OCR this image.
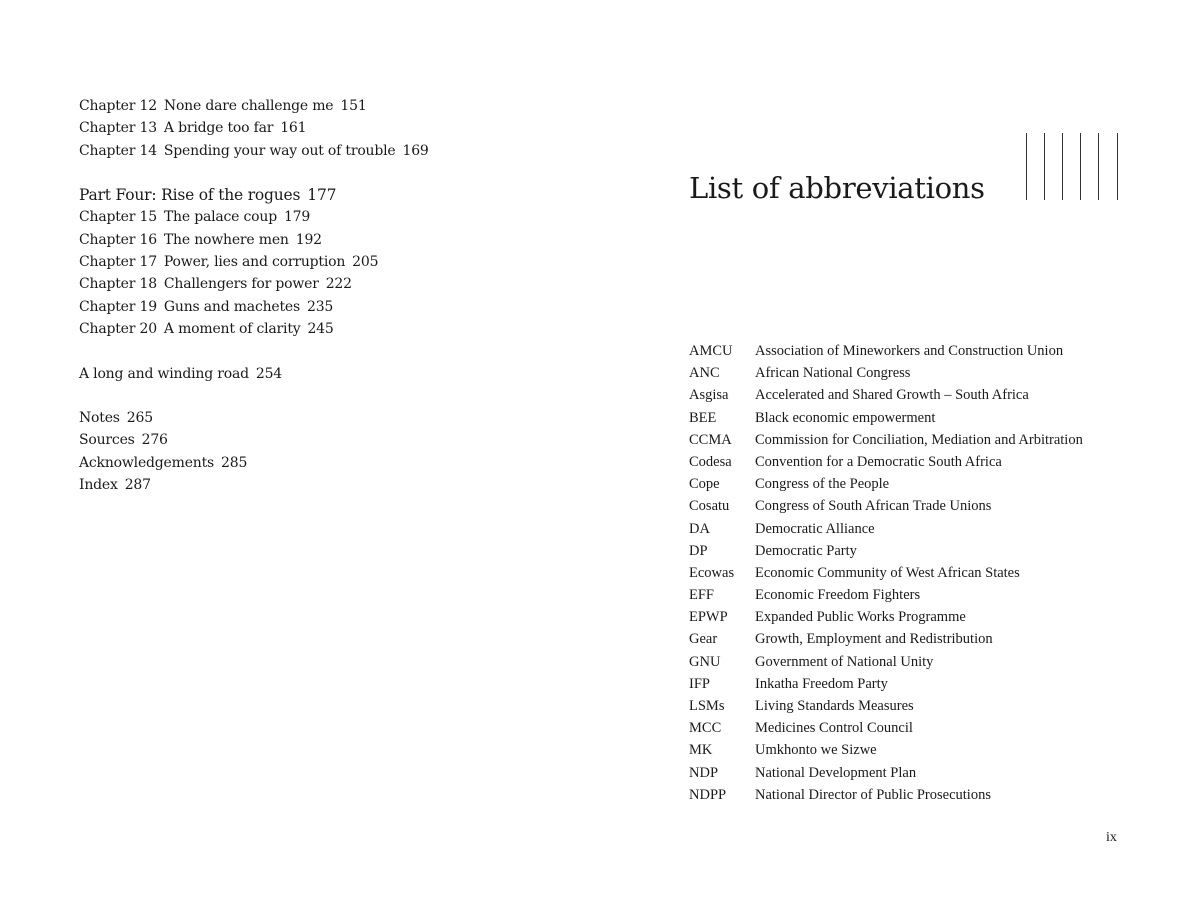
Chapter 12 None dare challenge me 151
Chapter 13 A bridge too far 161
Chapter 14 Spending your way out of trouble 169
Part Four: Rise of the rogues 177
Chapter 15 The palace coup 179
Chapter 16 The nowhere men 192
Chapter 17 Power, lies and corruption 205
Chapter 18 Challengers for power 222
Chapter 19 Guns and machetes 235
Chapter 20 A moment of clarity 245
A long and winding road 254
Notes 265
Sources 276
Acknowledgements 285
Index 287
List of abbreviations
AMCU	Association of Mineworkers and Construction Union
ANC	African National Congress
Asgisa	Accelerated and Shared Growth – South Africa
BEE	Black economic empowerment
CCMA	Commission for Conciliation, Mediation and Arbitration
Codesa	Convention for a Democratic South Africa
Cope	Congress of the People
Cosatu	Congress of South African Trade Unions
DA	Democratic Alliance
DP	Democratic Party
Ecowas	Economic Community of West African States
EFF	Economic Freedom Fighters
EPWP	Expanded Public Works Programme
Gear	Growth, Employment and Redistribution
GNU	Government of National Unity
IFP	Inkatha Freedom Party
LSMs	Living Standards Measures
MCC	Medicines Control Council
MK	Umkhonto we Sizwe
NDP	National Development Plan
NDPP	National Director of Public Prosecutions
ix
